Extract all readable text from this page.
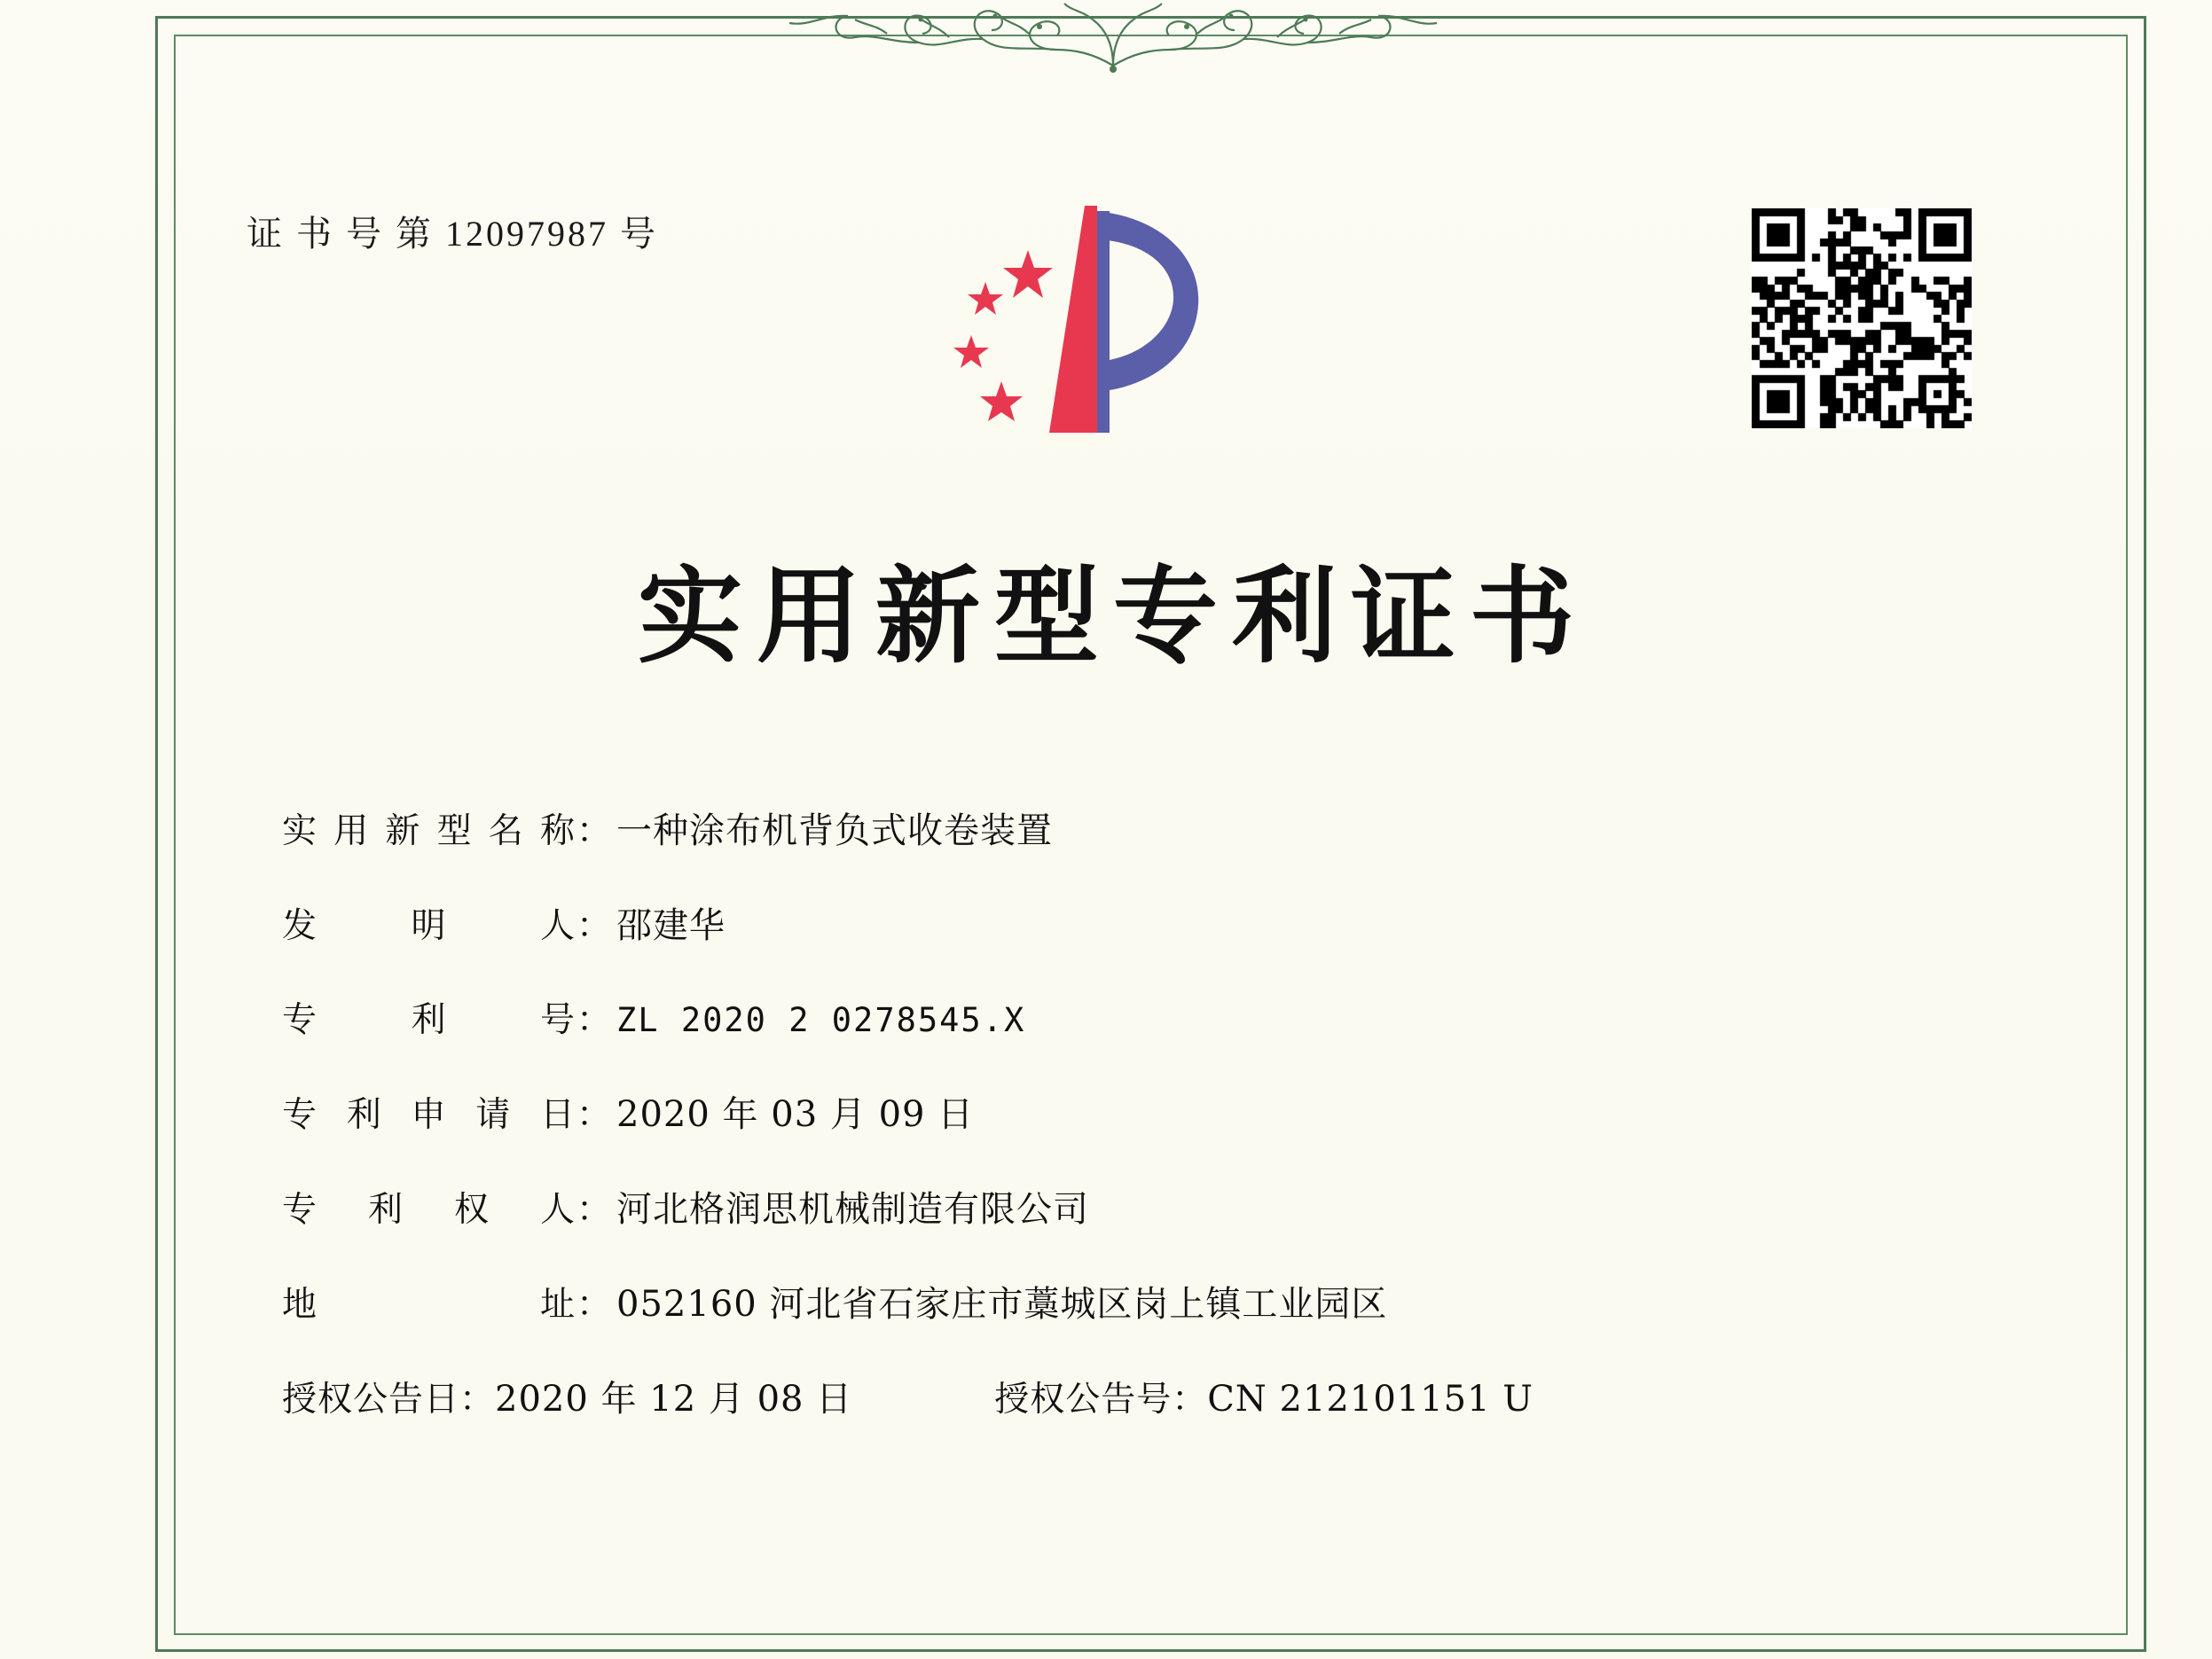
证 书 号 第 12097987 号
实用新型专利证书
实 用 新 型 名 称 ： 一种涂布机背负式收卷装置
发	明	人 ： 邵建华
专	利	号 ： ZL 2020 2 0278545.X
专 利 申 请 日 ： 2020 年 03 月 09 日
专 利 权 人 ： 河北格润思机械制造有限公司
地	址 ： 052160 河北省石家庄市藁城区岗上镇工业园区
授权公告日： 2020 年 12 月 08 日	授权公告号： CN 212101151 U
